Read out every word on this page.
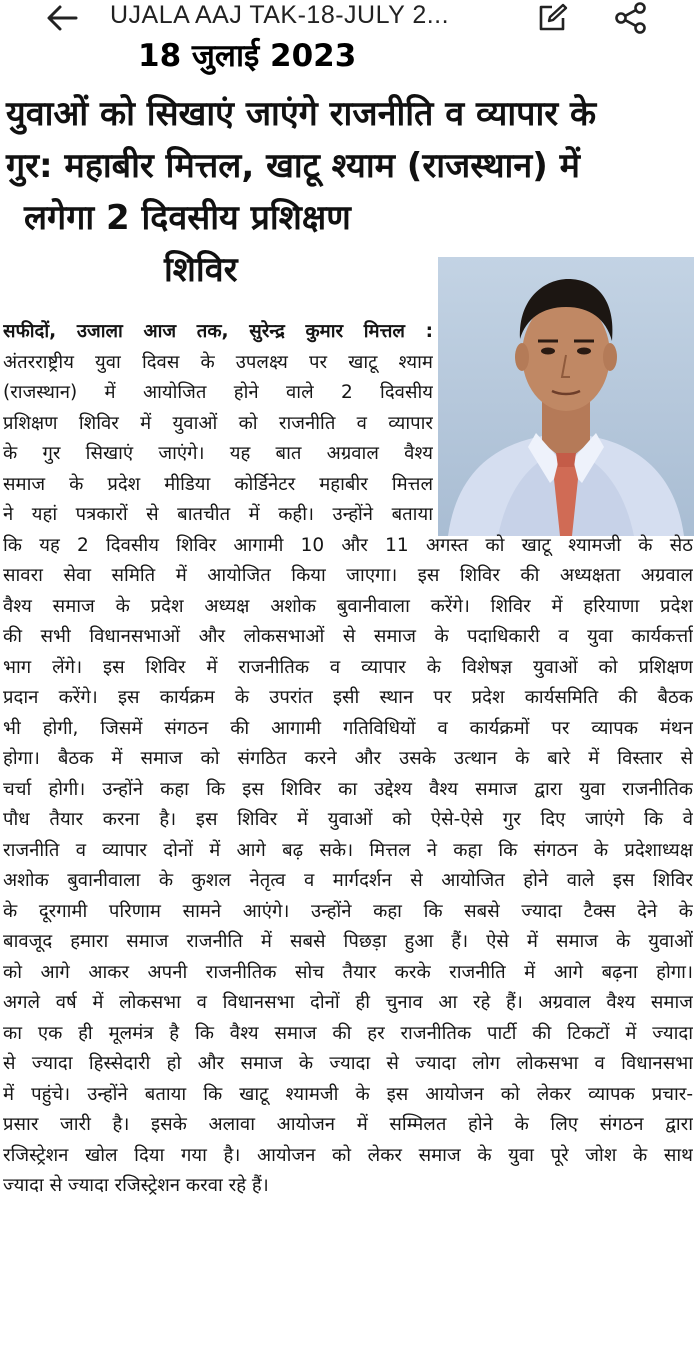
UJALA AAJ TAK-18-JULY 2...
18 जुलाई 2023
युवाओं को सिखाएं जाएंगे राजनीति व व्यापार के
गुर: महाबीर मित्तल, खाटू श्याम (राजस्थान) में
लगेगा 2 दिवसीय प्रशिक्षण
शिविर
सफीदों, उजाला आज तक, सुरेन्द्र कुमार मित्तल :
अंतरराष्ट्रीय युवा दिवस के उपलक्ष्य पर खाटू श्याम
(राजस्थान) में आयोजित होने वाले 2 दिवसीय
प्रशिक्षण शिविर में युवाओं को राजनीति व व्यापार
के गुर सिखाएं जाएंगे। यह बात अग्रवाल वैश्य
समाज के प्रदेश मीडिया कोर्डिनेटर महाबीर मित्तल
ने यहां पत्रकारों से बातचीत में कही। उन्होंने बताया
कि यह 2 दिवसीय शिविर आगामी 10 और 11 अगस्त को खाटू श्यामजी के सेठ
सावरा सेवा समिति में आयोजित किया जाएगा। इस शिविर की अध्यक्षता अग्रवाल
वैश्य समाज के प्रदेश अध्यक्ष अशोक बुवानीवाला करेंगे। शिविर में हरियाणा प्रदेश
की सभी विधानसभाओं और लोकसभाओं से समाज के पदाधिकारी व युवा कार्यकर्त्ता
भाग लेंगे। इस शिविर में राजनीतिक व व्यापार के विशेषज्ञ युवाओं को प्रशिक्षण
प्रदान करेंगे। इस कार्यक्रम के उपरांत इसी स्थान पर प्रदेश कार्यसमिति की बैठक
भी होगी, जिसमें संगठन की आगामी गतिविधियों व कार्यक्रमों पर व्यापक मंथन
होगा। बैठक में समाज को संगठित करने और उसके उत्थान के बारे में विस्तार से
चर्चा होगी। उन्होंने कहा कि इस शिविर का उद्देश्य वैश्य समाज द्वारा युवा राजनीतिक
पौध तैयार करना है। इस शिविर में युवाओं को ऐसे-ऐसे गुर दिए जाएंगे कि वे
राजनीति व व्यापार दोनों में आगे बढ़ सके। मित्तल ने कहा कि संगठन के प्रदेशाध्यक्ष
अशोक बुवानीवाला के कुशल नेतृत्व व मार्गदर्शन से आयोजित होने वाले इस शिविर
के दूरगामी परिणाम सामने आएंगे। उन्होंने कहा कि सबसे ज्यादा टैक्स देने के
बावजूद हमारा समाज राजनीति में सबसे पिछड़ा हुआ हैं। ऐसे में समाज के युवाओं
को आगे आकर अपनी राजनीतिक सोच तैयार करके राजनीति में आगे बढ़ना होगा।
अगले वर्ष में लोकसभा व विधानसभा दोनों ही चुनाव आ रहे हैं। अग्रवाल वैश्य समाज
का एक ही मूलमंत्र है कि वैश्य समाज की हर राजनीतिक पार्टी की टिकटों में ज्यादा
से ज्यादा हिस्सेदारी हो और समाज के ज्यादा से ज्यादा लोग लोकसभा व विधानसभा
में पहुंचे। उन्होंने बताया कि खाटू श्यामजी के इस आयोजन को लेकर व्यापक प्रचार-
प्रसार जारी है। इसके अलावा आयोजन में सम्मिलत होने के लिए संगठन द्वारा
रजिस्ट्रेशन खोल दिया गया है। आयोजन को लेकर समाज के युवा पूरे जोश के साथ
ज्यादा से ज्यादा रजिस्ट्रेशन करवा रहे हैं।
